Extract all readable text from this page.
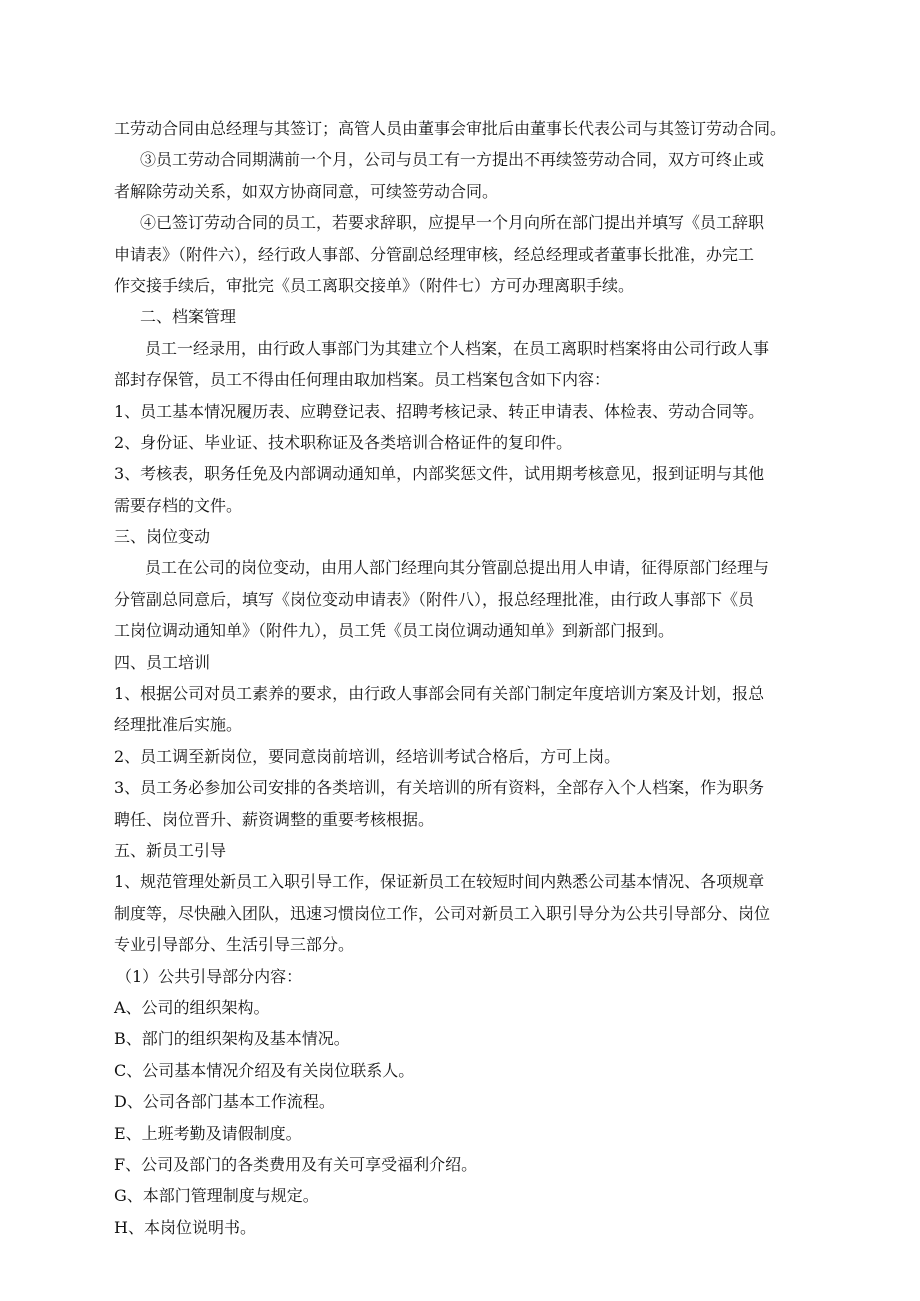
工劳动合同由总经理与其签订；高管人员由董事会审批后由董事长代表公司与其签订劳动合同。
③员工劳动合同期满前一个月，公司与员工有一方提出不再续签劳动合同，双方可终止或
者解除劳动关系，如双方协商同意，可续签劳动合同。
④已签订劳动合同的员工，若要求辞职，应提早一个月向所在部门提出并填写《员工辞职
申请表》（附件六），经行政人事部、分管副总经理审核，经总经理或者董事长批准，办完工
作交接手续后，审批完《员工离职交接单》（附件七）方可办理离职手续。
二、档案管理
员工一经录用，由行政人事部门为其建立个人档案，在员工离职时档案将由公司行政人事
部封存保管，员工不得由任何理由取加档案。员工档案包含如下内容：
1、员工基本情况履历表、应聘登记表、招聘考核记录、转正申请表、体检表、劳动合同等。
2、身份证、毕业证、技术职称证及各类培训合格证件的复印件。
3、考核表，职务任免及内部调动通知单，内部奖惩文件，试用期考核意见，报到证明与其他
需要存档的文件。
三、岗位变动
员工在公司的岗位变动，由用人部门经理向其分管副总提出用人申请，征得原部门经理与
分管副总同意后，填写《岗位变动申请表》（附件八），报总经理批准，由行政人事部下《员
工岗位调动通知单》（附件九），员工凭《员工岗位调动通知单》到新部门报到。
四、员工培训
1、根据公司对员工素养的要求，由行政人事部会同有关部门制定年度培训方案及计划，报总
经理批准后实施。
2、员工调至新岗位，要同意岗前培训，经培训考试合格后，方可上岗。
3、员工务必参加公司安排的各类培训，有关培训的所有资料，全部存入个人档案，作为职务
聘任、岗位晋升、薪资调整的重要考核根据。
五、新员工引导
1、规范管理处新员工入职引导工作，保证新员工在较短时间内熟悉公司基本情况、各项规章
制度等，尽快融入团队，迅速习惯岗位工作，公司对新员工入职引导分为公共引导部分、岗位
专业引导部分、生活引导三部分。
（1）公共引导部分内容：
A、公司的组织架构。
B、部门的组织架构及基本情况。
C、公司基本情况介绍及有关岗位联系人。
D、公司各部门基本工作流程。
E、上班考勤及请假制度。
F、公司及部门的各类费用及有关可享受福利介绍。
G、本部门管理制度与规定。
H、本岗位说明书。
